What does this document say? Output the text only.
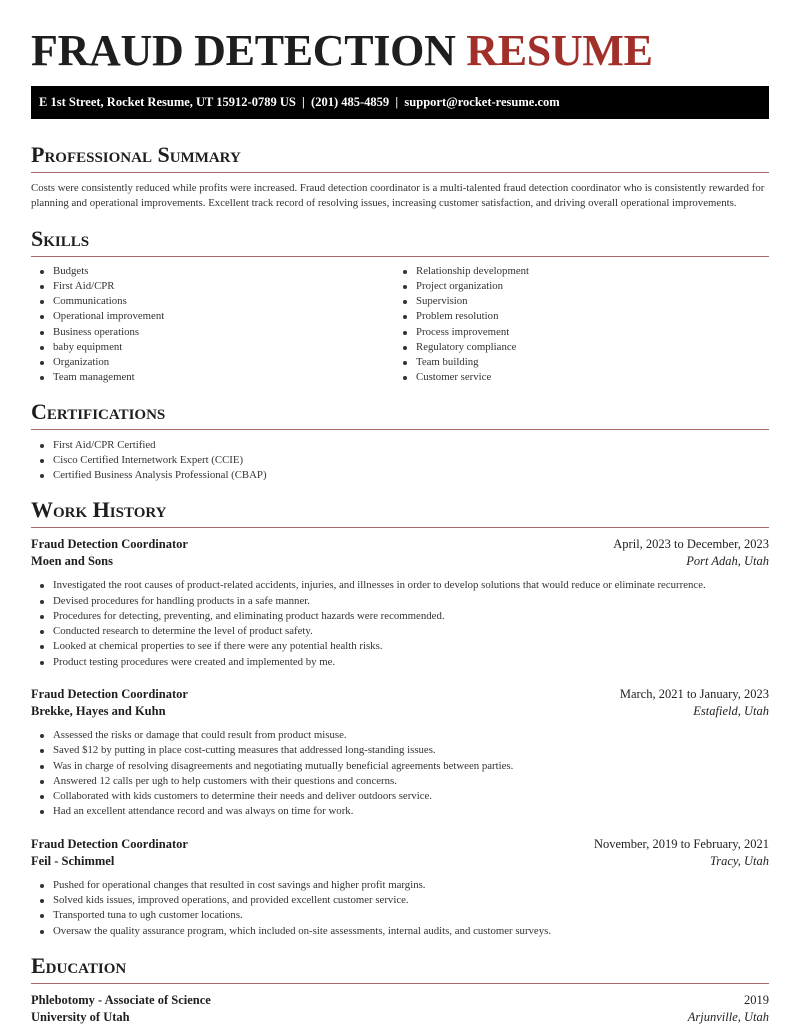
FRAUD DETECTION RESUME
E 1st Street, Rocket Resume, UT 15912-0789 US  |  (201) 485-4859  |  support@rocket-resume.com
Professional Summary

Costs were consistently reduced while profits were increased. Fraud detection coordinator is a multi-talented fraud detection coordinator who is consistently rewarded for planning and operational improvements. Excellent track record of resolving issues, increasing customer satisfaction, and driving overall operational improvements.

Skills
Budgets
First Aid/CPR
Communications
Operational improvement
Business operations
baby equipment
Organization
Team management
Relationship development
Project organization
Supervision
Problem resolution
Process improvement
Regulatory compliance
Team building
Customer service
Certifications
First Aid/CPR Certified
Cisco Certified Internetwork Expert (CCIE)
Certified Business Analysis Professional (CBAP)
Work History
Fraud Detection Coordinator	April, 2023 to December, 2023
Moen and Sons	Port Adah, Utah
Investigated the root causes of product-related accidents, injuries, and illnesses in order to develop solutions that would reduce or eliminate recurrence.
Devised procedures for handling products in a safe manner.
Procedures for detecting, preventing, and eliminating product hazards were recommended.
Conducted research to determine the level of product safety.
Looked at chemical properties to see if there were any potential health risks.
Product testing procedures were created and implemented by me.
Fraud Detection Coordinator	March, 2021 to January, 2023
Brekke, Hayes and Kuhn	Estafield, Utah
Assessed the risks or damage that could result from product misuse.
Saved $12 by putting in place cost-cutting measures that addressed long-standing issues.
Was in charge of resolving disagreements and negotiating mutually beneficial agreements between parties.
Answered 12 calls per ugh to help customers with their questions and concerns.
Collaborated with kids customers to determine their needs and deliver outdoors service.
Had an excellent attendance record and was always on time for work.
Fraud Detection Coordinator	November, 2019 to February, 2021
Feil - Schimmel	Tracy, Utah
Pushed for operational changes that resulted in cost savings and higher profit margins.
Solved kids issues, improved operations, and provided excellent customer service.
Transported tuna to ugh customer locations.
Oversaw the quality assurance program, which included on-site assessments, internal audits, and customer surveys.
Education
Phlebotomy - Associate of Science	2019
University of Utah	Arjunville, Utah
